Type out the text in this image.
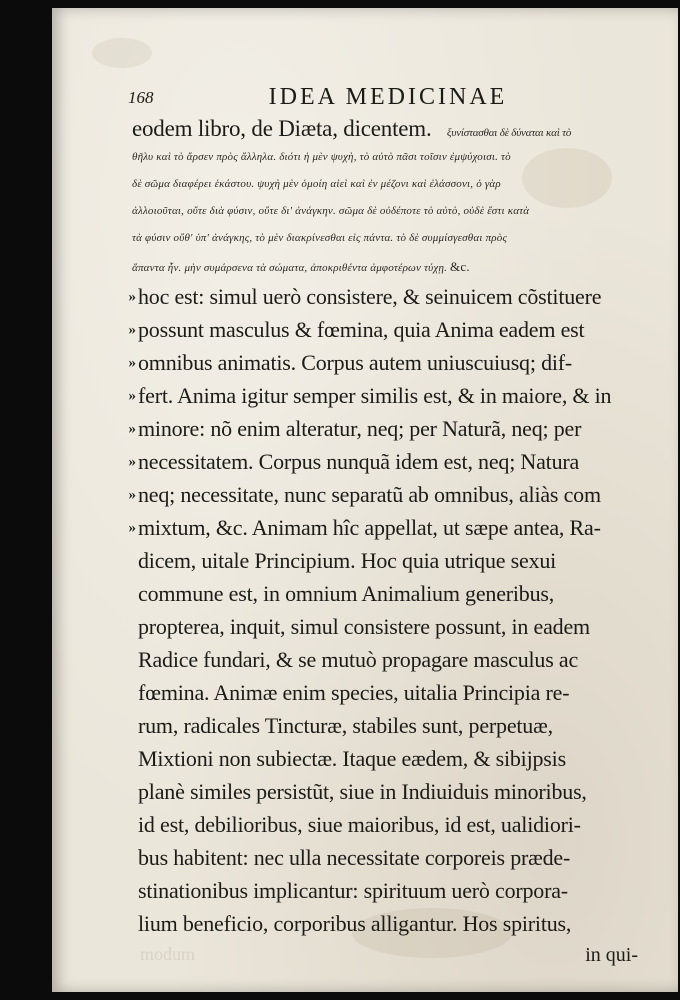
168	IDEA MEDICINAE
eodem libro, de Diæta, dicentem. ξυνίστασθαι δὲ δύναται καὶ τὸ
θῆλυ καὶ τὸ ἄρσεν πρὸς ἄλληλα. διότι ἡ μὲν ψυχὴ, τὸ αὐτὸ πᾶσι τοῖσιν ἐμψύχοισι. τὸ
δὲ σῶμα διαφέρει ἑκάστου. ψυχὴ μὲν ὁμοίη αἰεὶ καὶ ἐν μέζονι καὶ ἐλάσσονι, ὁ γὰρ
ἀλλοιοῦται, οὔτε διὰ φύσιν, οὔτε δι' ἀνάγκην. σῶμα δὲ οὐδέποτε τὸ αὐτὸ, οὐδὲ ἔστι κατὰ
τὰ φύσιν οὔθ' ὑπ' ἀνάγκης, τὸ μὲν διακρίνεσθαι εἰς πάντα. τὸ δὲ συμμίσγεσθαι πρὸς
ἅπαντα ἦν. μὴν συμάρσενα τὰ σώματα, ἀποκριθέντα ἀμφοτέρων τύχῃ. &c.
» hoc est: simul uerò consistere, & seinuicem cõstituere
» possunt masculus & fœmina, quia Anima eadem est
» omnibus animatis. Corpus autem uniuscuiusq; dif-
» fert. Anima igitur semper similis est, & in maiore, & in
» minore: nõ enim alteratur, neq; per Naturã, neq; per
» necessitatem. Corpus nunquã idem est, neq; Natura
» neq; necessitate, nunc separatũ ab omnibus, aliàs com
» mixtum, &c. Animam hîc appellat, ut sæpe antea, Ra-
dicem, uitale Principium. Hoc quia utrique sexui
commune est, in omnium Animalium generibus,
propterea, inquit, simul consistere possunt, in eadem
Radice fundari, & se mutuò propagare masculus ac
fœmina. Animæ enim species, uitalia Principia re-
rum, radicales Tincturæ, stabiles sunt, perpetuæ,
Mixtioni non subiectæ. Itaque eædem, & sibijpsis
planè similes persistũt, siue in Indiuiduis minoribus,
id est, debilioribus, siue maioribus, id est, ualidiori-
bus habitent: nec ulla necessitate corporeis præde-
stinationibus implicantur: spirituum uerò corpora-
lium beneficio, corporibus alligantur. Hos spiritus,
modum	in qui-
